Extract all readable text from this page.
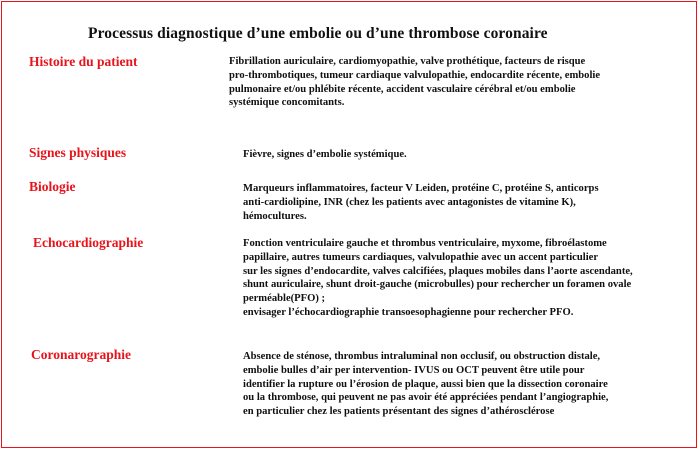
Processus diagnostique d’une embolie ou d’une thrombose coronaire
Histoire du patient	Fibrillation auriculaire, cardiomyopathie, valve prothétique, facteurs de risque
pro-thrombotiques, tumeur cardiaque valvulopathie, endocardite récente, embolie
pulmonaire et/ou phlébite récente, accident vasculaire cérébral et/ou embolie
systémique concomitants.
Signes physiques	Fièvre, signes d’embolie systémique.
Biologie	Marqueurs inflammatoires, facteur V Leiden, protéine C, protéine S, anticorps
anti-cardiolipine, INR (chez les patients avec antagonistes de vitamine K),
hémocultures.
Echocardiographie	Fonction ventriculaire gauche et thrombus ventriculaire, myxome, fibroélastome
papillaire, autres tumeurs cardiaques, valvulopathie avec un accent particulier
sur les signes d’endocardite, valves calcifiées, plaques mobiles dans l’aorte ascendante,
shunt auriculaire, shunt droit-gauche (microbulles) pour rechercher un foramen ovale
perméable(PFO) ;
envisager l’échocardiographie transoesophagienne pour rechercher PFO.
Coronarographie	Absence de sténose, thrombus intraluminal non occlusif, ou obstruction distale,
embolie bulles d’air per intervention- IVUS ou OCT peuvent être utile pour
identifier la rupture ou l’érosion de plaque, aussi bien que la dissection coronaire
ou la thrombose, qui peuvent ne pas avoir été appréciées pendant l’angiographie,
en particulier chez les patients présentant des signes d’athérosclérose
